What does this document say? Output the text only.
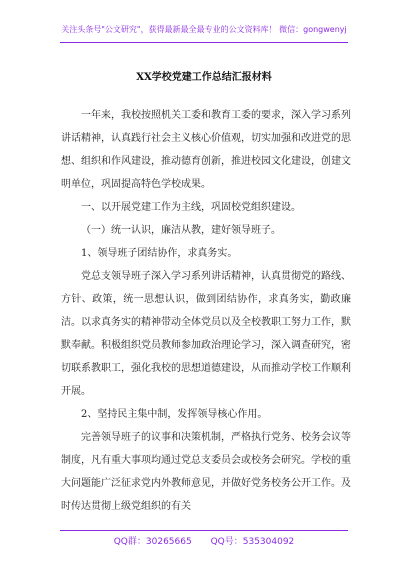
关注头条号"公文研究"，获得最新最全最专业的公文资料库！ 微信：gongwenyj
XX学校党建工作总结汇报材料

一年来，我校按照机关工委和教育工委的要求，深入学习系列讲话精神，认真践行社会主义核心价值观，切实加强和改进党的思想、组织和作风建设，推动德育创新，推进校园文化建设，创建文明单位，巩固提高特色学校成果。

一、以开展党建工作为主线，巩固校党组织建设。

（一）统一认识，廉洁从教，建好领导班子。

1、领导班子团结协作，求真务实。

党总支领导班子深入学习系列讲话精神，认真贯彻党的路线、方针、政策，统一思想认识，做到团结协作，求真务实，勤政廉洁。以求真务实的精神带动全体党员以及全校教职工努力工作，默默奉献。积极组织党员教师参加政治理论学习，深入调查研究，密切联系教职工，强化我校的思想道德建设，从而推动学校工作顺利开展。

2、坚持民主集中制，发挥领导核心作用。

完善领导班子的议事和决策机制，严格执行党务、校务会议等制度，凡有重大事项均通过党总支委员会或校务会研究。学校的重大问题能广泛征求党内外教师意见，并做好党务校务公开工作。及时传达贯彻上级党组织的有关

QQ群：30265665 QQ号：535304092
